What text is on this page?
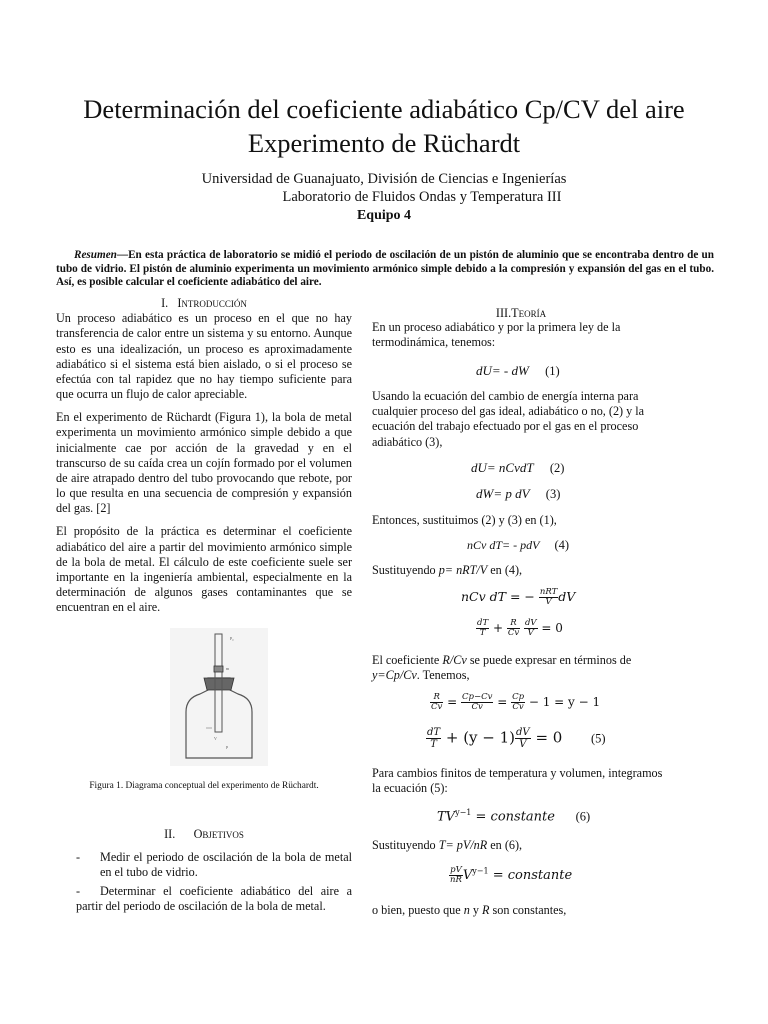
Determinación del coeficiente adiabático Cp/CV del aire
Experimento de Rüchardt
Universidad de Guanajuato, División de Ciencias e Ingenierías
Laboratorio de Fluidos Ondas y Temperatura III
Equipo 4
Resumen—En esta práctica de laboratorio se midió el periodo de oscilación de un pistón de aluminio que se encontraba dentro de un tubo de vidrio. El pistón de aluminio experimenta un movimiento armónico simple debido a la compresión y expansión del gas en el tubo. Así, es posible calcular el coeficiente adiabático del aire.
I. Introducción

Un proceso adiabático es un proceso en el que no hay transferencia de calor entre un sistema y su entorno. Aunque esto es una idealización, un proceso es aproximadamente adiabático si el sistema está bien aislado, o si el proceso se efectúa con tal rapidez que no hay tiempo suficiente para que ocurra un flujo de calor apreciable.

En el experimento de Rüchardt (Figura 1), la bola de metal experimenta un movimiento armónico simple debido a que inicialmente cae por acción de la gravedad y en el transcurso de su caída crea un cojín formado por el volumen de aire atrapado dentro del tubo provocando que rebote, por lo que resulta en una secuencia de compresión y expansión del gas. [2]

El propósito de la práctica es determinar el coeficiente adiabático del aire a partir del movimiento armónico simple de la bola de metal. El cálculo de este coeficiente suele ser importante en la ingeniería ambiental, especialmente en la determinación de algunos gases contaminantes que se encuentran en el aire.

P₀
m
V
p
Figura 1. Diagrama conceptual del experimento de Rüchardt.
II. Objetivos
- Medir el periodo de oscilación de la bola de metal en el tubo de vidrio.
-	Determinar el coeficiente adiabático del aire a partir del periodo de oscilación de la bola de metal.
III.Teoría
En un proceso adiabático y por la primera ley de la termodinámica, tenemos:
dU= - dW (1)
Usando la ecuación del cambio de energía interna para cualquier proceso del gas ideal, adiabático o no, (2) y la ecuación del trabajo efectuado por el gas en el proceso adiabático (3),
dU= nCvdT (2)
dW= p dV (3)
Entonces, sustituimos (2) y (3) en (1),
nCv dT= - pdV (4)
Sustituyendo p= nRT/V en (4),
nCv dT = − $\frac{\text{nRT}}{V}$ dV
$\frac{dT}{T} + \frac{R}{Cv}$
$\frac{dV}{V} = 0$
El coeficiente R/Cv se puede expresar en términos de y=Cp/Cv. Tenemos,
$\frac{R}{Cv} = \frac{Cp-Cv}{Cv} = \frac{Cp}{Cv} - 1 = y - 1$
$\frac{dT}{T} + (y - 1) \frac{dV}{V} = 0$ (5)
Para cambios finitos de temperatura y volumen, integramos la ecuación (5):
$TV^{y-1}$ = constante (6)
Sustituyendo T= pV/nR en (6),
$\frac{pV}{nR} V^{y-1}$ = constante
o bien, puesto que n y R son constantes,
